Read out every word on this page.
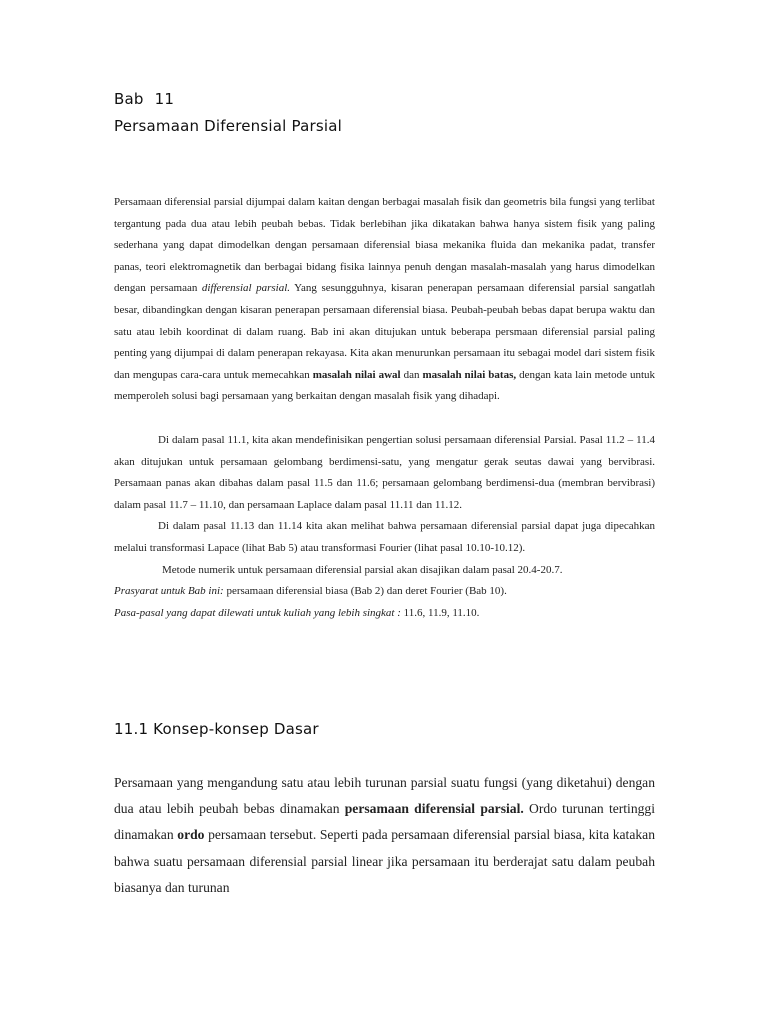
Bab 11
Persamaan Diferensial Parsial

Persamaan diferensial parsial dijumpai dalam kaitan dengan berbagai masalah fisik dan geometris bila fungsi yang terlibat tergantung pada dua atau lebih peubah bebas. Tidak berlebihan jika dikatakan bahwa hanya sistem fisik yang paling sederhana yang dapat dimodelkan dengan persamaan diferensial biasa mekanika fluida dan mekanika padat, transfer panas, teori elektromagnetik dan berbagai bidang fisika lainnya penuh dengan masalah-masalah yang harus dimodelkan dengan persamaan differensial parsial. Yang sesungguhnya, kisaran penerapan persamaan diferensial parsial sangatlah besar, dibandingkan dengan kisaran penerapan persamaan diferensial biasa. Peubah-peubah bebas dapat berupa waktu dan satu atau lebih koordinat di dalam ruang. Bab ini akan ditujukan untuk beberapa persmaan diferensial parsial paling penting yang dijumpai di dalam penerapan rekayasa. Kita akan menurunkan persamaan itu sebagai model dari sistem fisik dan mengupas cara-cara untuk memecahkan masalah nilai awal dan masalah nilai batas, dengan kata lain metode untuk memperoleh solusi bagi persamaan yang berkaitan dengan masalah fisik yang dihadapi.

Di dalam pasal 11.1, kita akan mendefinisikan pengertian solusi persamaan diferensial Parsial. Pasal 11.2 – 11.4 akan ditujukan untuk persamaan gelombang berdimensi-satu, yang mengatur gerak seutas dawai yang bervibrasi. Persamaan panas akan dibahas dalam pasal 11.5 dan 11.6; persamaan gelombang berdimensi-dua (membran bervibrasi) dalam pasal 11.7 – 11.10, dan persamaan Laplace dalam pasal 11.11 dan 11.12.

Di dalam pasal 11.13 dan 11.14 kita akan melihat bahwa persamaan diferensial parsial dapat juga dipecahkan melalui transformasi Lapace (lihat Bab 5) atau transformasi Fourier (lihat pasal 10.10-10.12).

Metode numerik untuk persamaan diferensial parsial akan disajikan dalam pasal 20.4-20.7.

Prasyarat untuk Bab ini: persamaan diferensial biasa (Bab 2) dan deret Fourier (Bab 10).

Pasa-pasal yang dapat dilewati untuk kuliah yang lebih singkat : 11.6, 11.9, 11.10.

11.1 Konsep-konsep Dasar

Persamaan yang mengandung satu atau lebih turunan parsial suatu fungsi (yang diketahui) dengan dua atau lebih peubah bebas dinamakan persamaan diferensial parsial. Ordo turunan tertinggi dinamakan ordo persamaan tersebut. Seperti pada persamaan diferensial parsial biasa, kita katakan bahwa suatu persamaan diferensial parsial linear jika persamaan itu berderajat satu dalam peubah biasanya dan turunan
